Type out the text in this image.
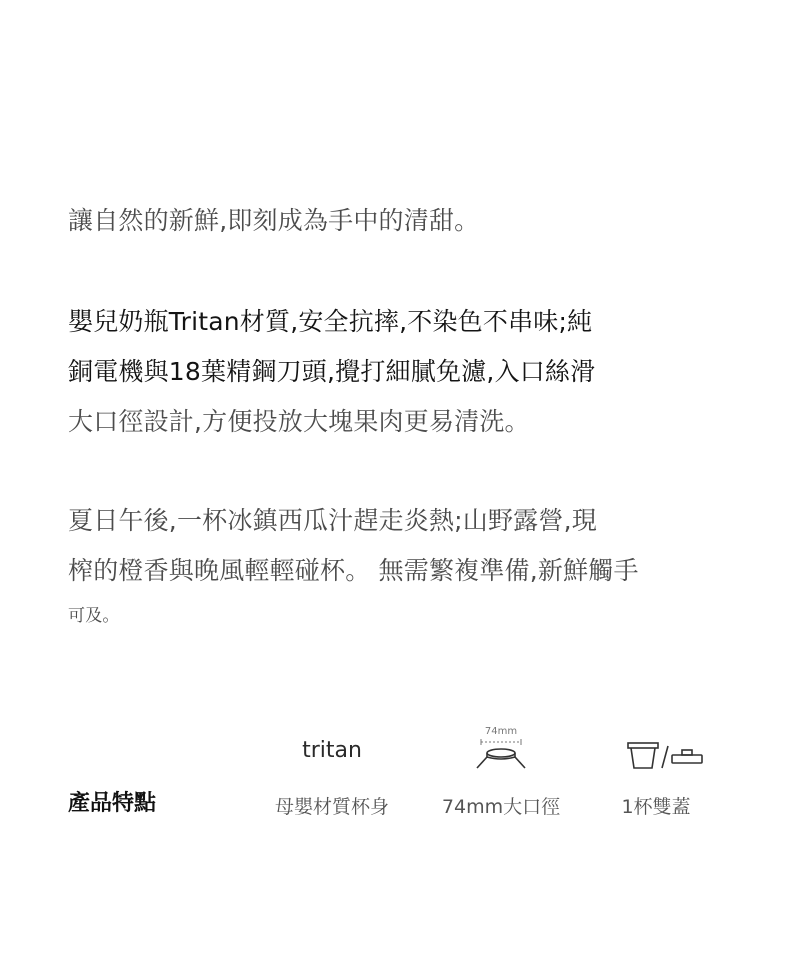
讓自然的新鮮,即刻成為手中的清甜。

嬰兒奶瓶Tritan材質,安全抗摔,不染色不串味;純
銅電機與18葉精鋼刀頭,攪打細膩免濾,入口絲滑
大口徑設計,方便投放大塊果肉更易清洗。

夏日午後,一杯冰鎮西瓜汁趕走炎熱;山野露營,現
榨的橙香與晚風輕輕碰杯。 無需繁複準備,新鮮觸手
可及。

產品特點
tritan
母嬰材質杯身
74mm
74mm大口徑	1杯雙蓋
